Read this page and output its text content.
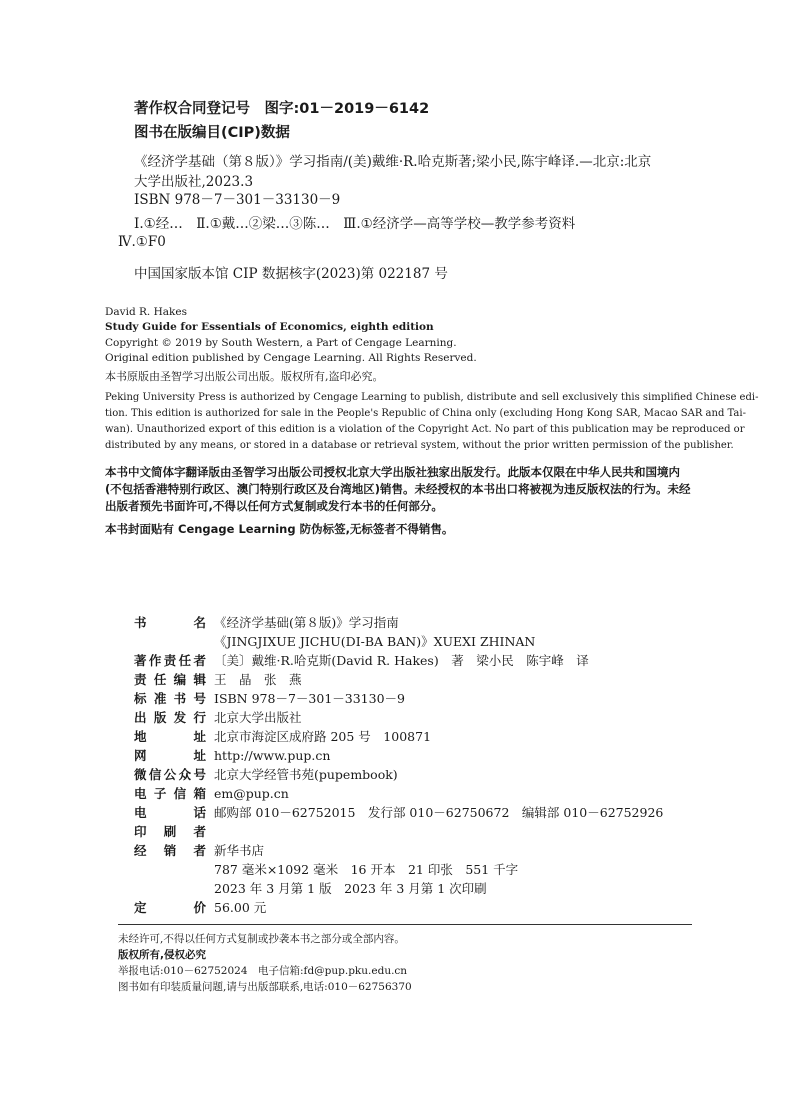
著作权合同登记号　图字:01－2019－6142
图书在版编目(CIP)数据
《经济学基础（第８版）》学习指南/(美)戴维·R.哈克斯著;梁小民,陈宇峰译.—北京:北京
大学出版社,2023.3
ISBN 978－7－301－33130－9
Ⅰ.①经…　Ⅱ.①戴…②梁…③陈…　Ⅲ.①经济学—高等学校—教学参考资料
Ⅳ.①F0
中国国家版本馆 CIP 数据核字(2023)第 022187 号
David R. Hakes
Study Guide for Essentials of Economics, eighth edition
Copyright © 2019 by South Western, a Part of Cengage Learning.
Original edition published by Cengage Learning. All Rights Reserved.
本书原版由圣智学习出版公司出版。版权所有,盗印必究。
Peking University Press is authorized by Cengage Learning to publish, distribute and sell exclusively this simplified Chinese edi-
tion. This edition is authorized for sale in the People's Republic of China only (excluding Hong Kong SAR, Macao SAR and Tai-
wan). Unauthorized export of this edition is a violation of the Copyright Act. No part of this publication may be reproduced or
distributed by any means, or stored in a database or retrieval system, without the prior written permission of the publisher.
本书中文简体字翻译版由圣智学习出版公司授权北京大学出版社独家出版发行。此版本仅限在中华人民共和国境内
(不包括香港特别行政区、澳门特别行政区及台湾地区)销售。未经授权的本书出口将被视为违反版权法的行为。未经
出版者预先书面许可,不得以任何方式复制或发行本书的任何部分。
本书封面贴有 Cengage Learning 防伪标签,无标签者不得销售。
书名 《经济学基础(第８版)》学习指南
《JINGJIXUE JICHU(DI-BA BAN)》XUEXI ZHINAN
著作责任者 〔美〕戴维·R.哈克斯(David R. Hakes)　著　梁小民　陈宇峰　译
责任编辑 王　晶　张　燕
标准书号 ISBN 978－7－301－33130－9
出版发行 北京大学出版社
地址 北京市海淀区成府路 205 号　100871
网址 http://www.pup.cn
微信公众号 北京大学经管书苑(pupembook)
电子信箱 em@pup.cn
电话 邮购部 010－62752015　发行部 010－62750672　编辑部 010－62752926
印刷者
经销者 新华书店
787 毫米×1092 毫米　16 开本　21 印张　551 千字
2023 年 3 月第 1 版　2023 年 3 月第 1 次印刷
定价 56.00 元
未经许可,不得以任何方式复制或抄袭本书之部分或全部内容。
版权所有,侵权必究
举报电话:010－62752024　电子信箱:fd@pup.pku.edu.cn
图书如有印装质量问题,请与出版部联系,电话:010－62756370
